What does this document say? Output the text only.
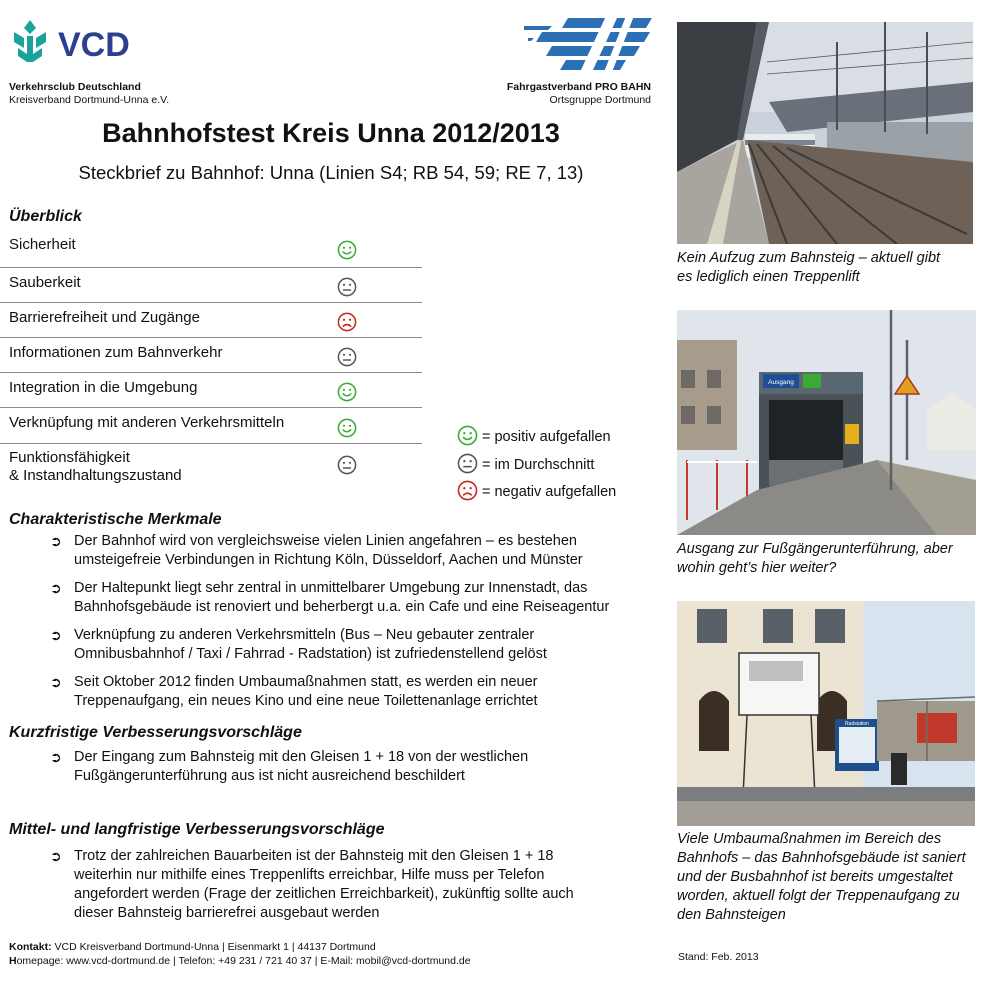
VCD
Verkehrsclub Deutschland
Kreisverband Dortmund-Unna e.V.
Fahrgastverband PRO BAHN
Ortsgruppe Dortmund
Bahnhofstest Kreis Unna 2012/2013
Steckbrief zu Bahnhof: Unna (Linien S4; RB 54, 59; RE 7, 13)
Überblick
Sicherheit
Sauberkeit
Barrierefreiheit und Zugänge
Informationen zum Bahnverkehr
Integration in die Umgebung
Verknüpfung mit anderen Verkehrsmitteln
Funktionsfähigkeit
& Instandhaltungszustand
= positiv aufgefallen
= im Durchschnitt
= negativ aufgefallen
Charakteristische Merkmale
➲ Der Bahnhof wird von vergleichsweise vielen Linien angefahren – es bestehen
umsteigefreie Verbindungen in Richtung Köln, Düsseldorf, Aachen und Münster
➲ Der Haltepunkt liegt sehr zentral in unmittelbarer Umgebung zur Innenstadt, das
Bahnhofsgebäude ist renoviert und beherbergt u.a. ein Cafe und eine Reiseagentur
➲ Verknüpfung zu anderen Verkehrsmitteln (Bus – Neu gebauter zentraler
Omnibusbahnhof / Taxi / Fahrrad - Radstation) ist zufriedenstellend gelöst
➲ Seit Oktober 2012 finden Umbaumaßnahmen statt, es werden ein neuer
Treppenaufgang, ein neues Kino und eine neue Toilettenanlage errichtet
Kurzfristige Verbesserungsvorschläge
➲ Der Eingang zum Bahnsteig mit den Gleisen 1 + 18 von der westlichen
Fußgängerunterführung aus ist nicht ausreichend beschildert
Mittel- und langfristige Verbesserungsvorschläge
➲ Trotz der zahlreichen Bauarbeiten ist der Bahnsteig mit den Gleisen 1 + 18
weiterhin nur mithilfe eines Treppenlifts erreichbar, Hilfe muss per Telefon
angefordert werden (Frage der zeitlichen Erreichbarkeit), zukünftig sollte auch
dieser Bahnsteig barrierefrei ausgebaut werden
Kontakt: VCD Kreisverband Dortmund-Unna | Eisenmarkt 1 | 44137 Dortmund
Homepage: www.vcd-dortmund.de | Telefon: +49 231 / 721 40 37 | E-Mail: mobil@vcd-dortmund.de	Stand: Feb. 2013
Kein Aufzug zum Bahnsteig – aktuell gibt
es lediglich einen Treppenlift
Ausgang
Ausgang zur Fußgängerunterführung, aber
wohin geht’s hier weiter?
Radstation
Viele Umbaumaßnahmen im Bereich des
Bahnhofs – das Bahnhofsgebäude ist saniert
und der Busbahnhof ist bereits umgestaltet
worden, aktuell folgt der Treppenaufgang zu
den Bahnsteigen
